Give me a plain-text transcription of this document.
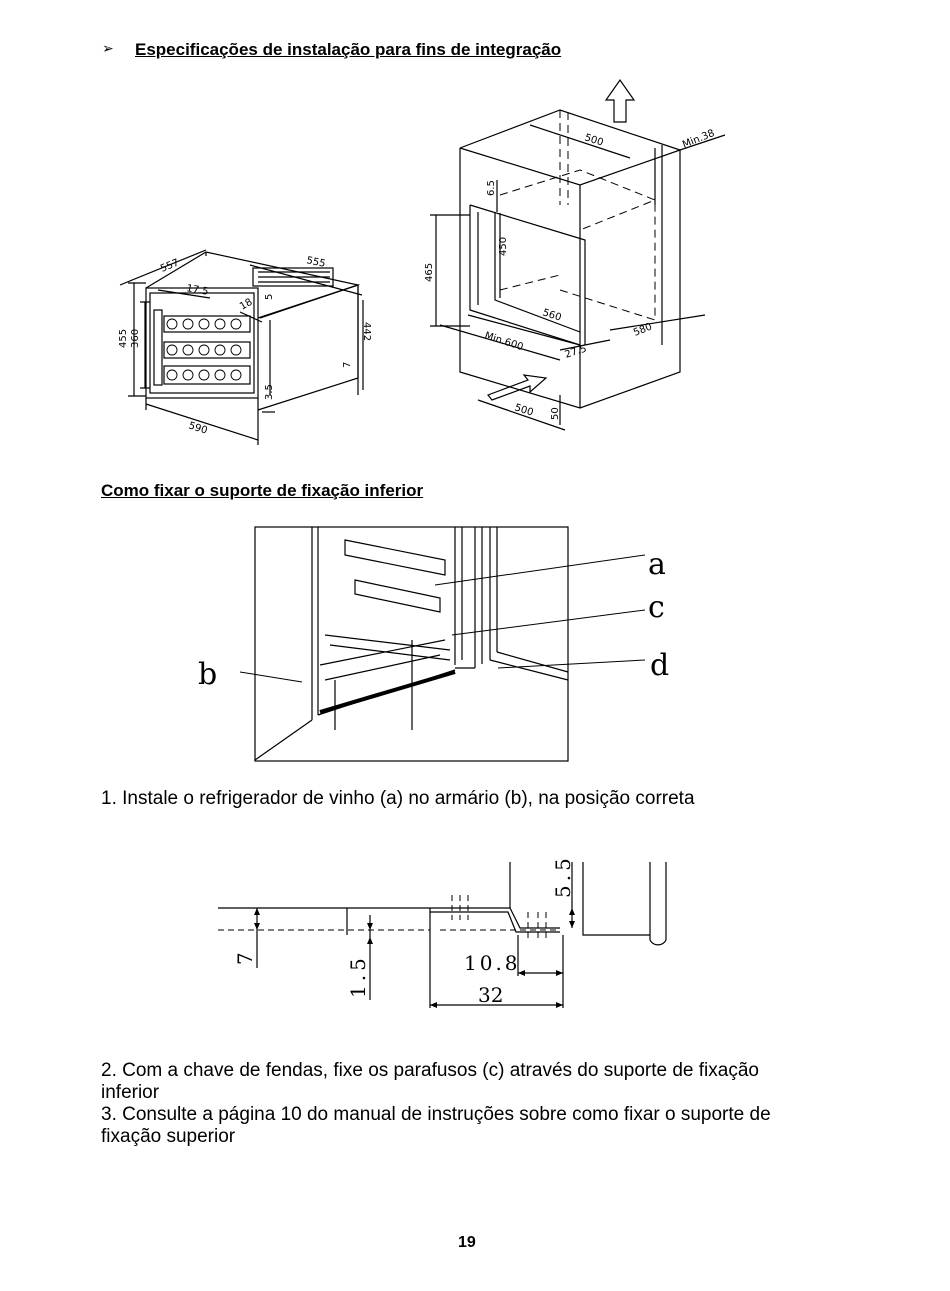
➢ Especificações de instalação para fins de integração
557	555
17.5
18 5
455 360	442
7
3.5
590
500	Min.38
6.5
465
450
560
580
Min.600	27.5
500 50
Como fixar o suporte de fixação inferior
a
c
d
b
1. Instale o refrigerador de vinho (a) no armário (b), na posição correta
5.5
7	1.5	10.8
32
2. Com a chave de fendas, fixe os parafusos (c) através do suporte de fixação
inferior
3. Consulte a página 10 do manual de instruções sobre como fixar o suporte de
fixação superior
19
